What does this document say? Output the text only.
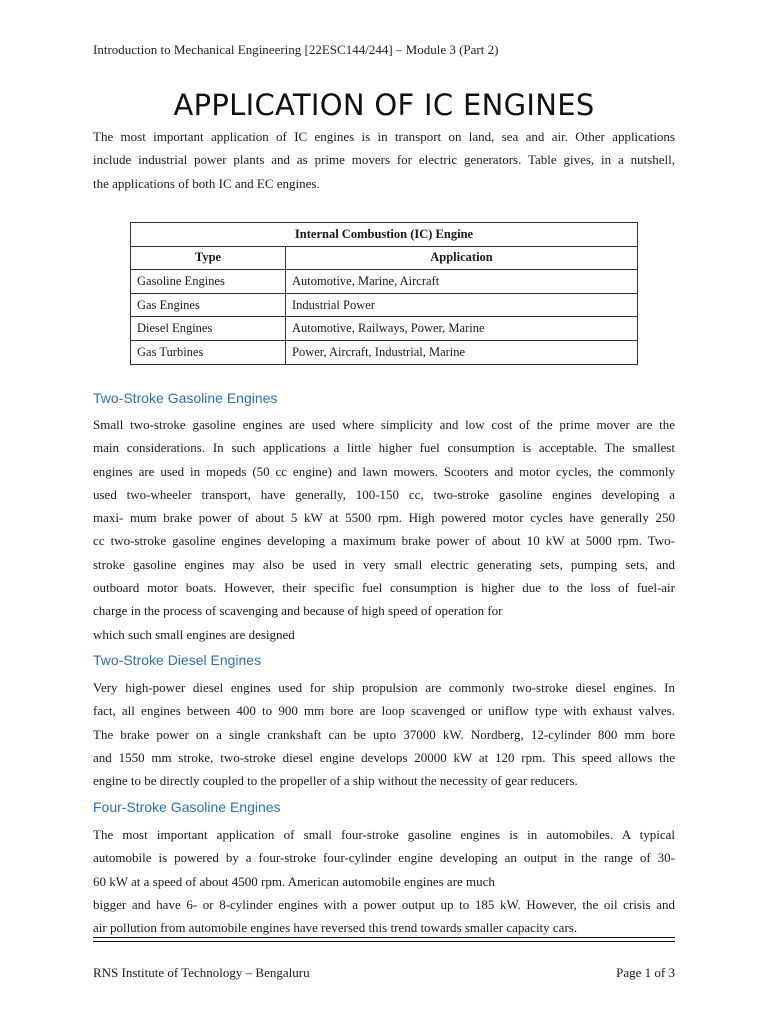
Introduction to Mechanical Engineering [22ESC144/244] – Module 3 (Part 2)
APPLICATION OF IC ENGINES
The most important application of IC engines is in transport on land, sea and air. Other applications
include industrial power plants and as prime movers for electric generators. Table gives, in a nutshell,
the applications of both IC and EC engines.
Internal Combustion (IC) Engine	
Type	Application
Gasoline Engines	Automotive, Marine, Aircraft
Gas Engines	Industrial Power
Diesel Engines	Automotive, Railways, Power, Marine
Gas Turbines	Power, Aircraft, Industrial, Marine
Two-Stroke Gasoline Engines
Small two-stroke gasoline engines are used where simplicity and low cost of the prime mover are the
main considerations. In such applications a little higher fuel consumption is acceptable. The smallest
engines are used in mopeds (50 cc engine) and lawn mowers. Scooters and motor cycles, the commonly
used two-wheeler transport, have generally, 100-150 cc, two-stroke gasoline engines developing a
maxi- mum brake power of about 5 kW at 5500 rpm. High powered motor cycles have generally 250
cc two-stroke gasoline engines developing a maximum brake power of about 10 kW at 5000 rpm. Two-
stroke gasoline engines may also be used in very small electric generating sets, pumping sets, and
outboard motor boats. However, their specific fuel consumption is higher due to the loss of fuel-air
charge in the process of scavenging and because of high speed of operation for
which such small engines are designed
Two-Stroke Diesel Engines
Very high-power diesel engines used for ship propulsion are commonly two-stroke diesel engines. In
fact, all engines between 400 to 900 mm bore are loop scavenged or uniflow type with exhaust valves.
The brake power on a single crankshaft can be upto 37000 kW. Nordberg, 12-cylinder 800 mm bore
and 1550 mm stroke, two-stroke diesel engine develops 20000 kW at 120 rpm. This speed allows the
engine to be directly coupled to the propeller of a ship without the necessity of gear reducers.
Four-Stroke Gasoline Engines
The most important application of small four-stroke gasoline engines is in automobiles. A typical
automobile is powered by a four-stroke four-cylinder engine developing an output in the range of 30-
60 kW at a speed of about 4500 rpm. American automobile engines are much
bigger and have 6- or 8-cylinder engines with a power output up to 185 kW. However, the oil crisis and
air pollution from automobile engines have reversed this trend towards smaller capacity cars.
RNS Institute of Technology – Bengaluru	Page 1 of 3
